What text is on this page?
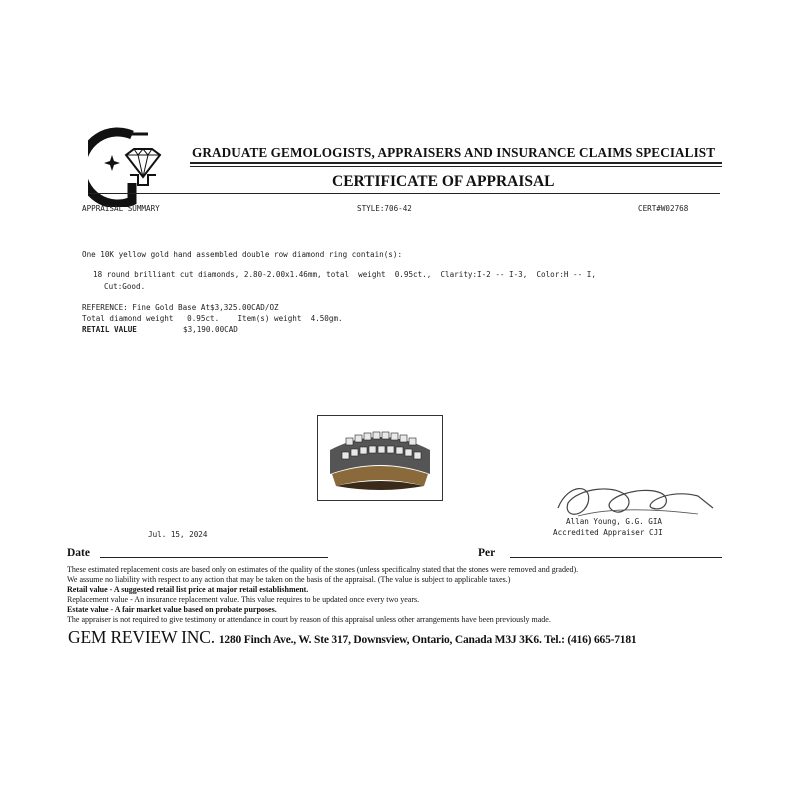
GRADUATE GEMOLOGISTS, APPRAISERS AND INSURANCE CLAIMS SPECIALIST
CERTIFICATE OF APPRAISAL
APPRAISAL SUMMARY	STYLE:706-42	CERT#W02768
One 10K yellow gold hand assembled double row diamond ring contain(s):
18 round brilliant cut diamonds, 2.80-2.00x1.46mm, total  weight  0.95ct.,  Clarity:I-2 -- I-3,  Color:H -- I,
Cut:Good.
REFERENCE: Fine Gold Base At$3,325.00CAD/OZ
Total diamond weight   0.95ct.    Item(s) weight  4.50gm.
RETAIL VALUE	$3,190.00CAD
Jul. 15, 2024
Allan Young, G.G. GIA
Accredited Appraiser CJI
Date	Per
These estimated replacement costs are based only on estimates of the quality of the stones (unless specificalny stated that the stones were removed and graded).
We assume no liability with respect to any action that may be taken on the basis of the appraisal. (The value is subject to applicable taxes.)
Retail value - A suggested retail list price at major retail establishment.
Replacement value - An insurance replacement value. This value requires to be updated once every two years.
Estate value - A fair market value based on probate purposes.
The appraiser is not required to give testimony or attendance in court by reason of this appraisal unless other arrangements have been previously made.
GEM REVIEW INC. 1280 Finch Ave., W. Ste 317, Downsview, Ontario, Canada M3J 3K6. Tel.: (416) 665-7181
